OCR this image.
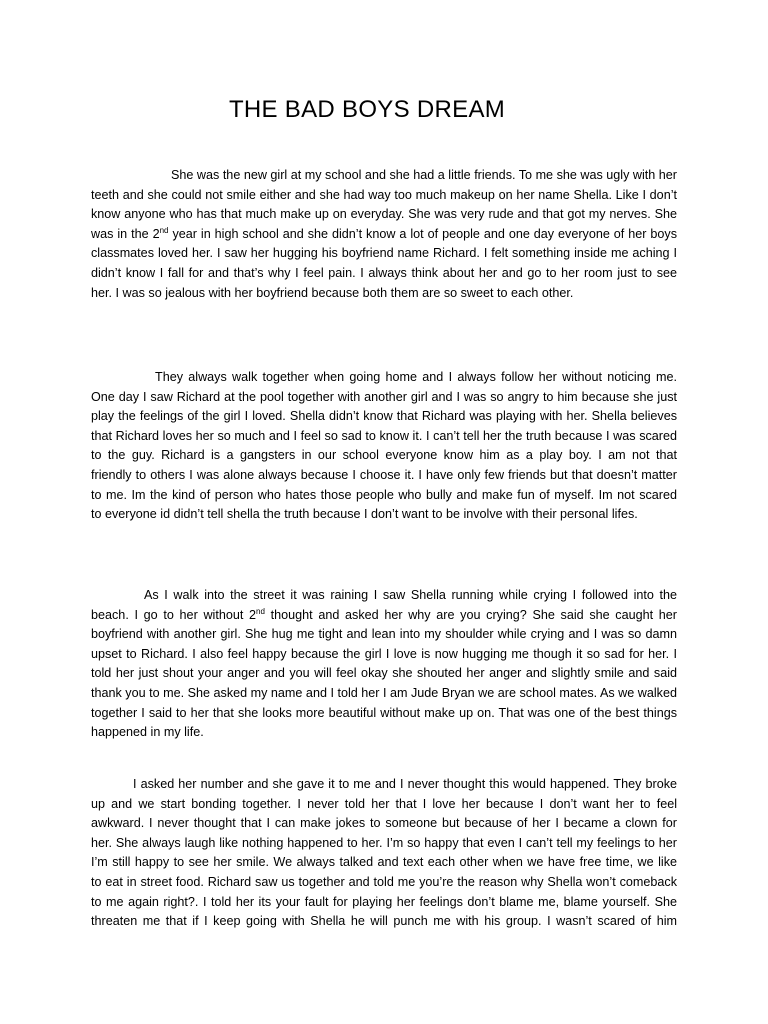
THE BAD BOYS DREAM
She was the new girl at my school and she had a little friends. To me she was ugly with her
teeth and she could not smile either and she had way too much makeup on her name Shella. Like I don’t
know anyone who has that much make up on everyday. She was very rude and that got my nerves. She
was in the 2nd year in high school and she didn’t know a lot of people and one day everyone of her boys
classmates loved her. I saw her hugging his boyfriend name Richard. I felt something inside me aching I
didn’t know I fall for and that’s why I feel pain. I always think about her and go to her room just to see
her. I was so jealous with her boyfriend because both them are so sweet to each other.
They always walk together when going home and I always follow her without noticing me.
One day I saw Richard at the pool together with another girl and I was so angry to him because she just
play the feelings of the girl I loved. Shella didn’t know that Richard was playing with her. Shella believes
that Richard loves her so much and I feel so sad to know it. I can’t tell her the truth because I was scared
to the guy. Richard is a gangsters in our school everyone know him as a play boy. I am not that
friendly to others I was alone always because I choose it. I have only few friends but that doesn’t matter
to me. Im the kind of person who hates those people who bully and make fun of myself. Im not scared
to everyone id didn’t tell shella the truth because I don’t want to be involve with their personal lifes.
As I walk into the street it was raining I saw Shella running while crying I followed into the
beach. I go to her without 2nd thought and asked her why are you crying? She said she caught her
boyfriend with another girl. She hug me tight and lean into my shoulder while crying and I was so damn
upset to Richard. I also feel happy because the girl I love is now hugging me though it so sad for her. I
told her just shout your anger and you will feel okay she shouted her anger and slightly smile and said
thank you to me. She asked my name and I told her I am Jude Bryan we are school mates. As we walked
together I said to her that she looks more beautiful without make up on. That was one of the best things
happened in my life.
I asked her number and she gave it to me and I never thought this would happened. They broke
up and we start bonding together. I never told her that I love her because I don’t want her to feel
awkward. I never thought that I can make jokes to someone but because of her I became a clown for
her. She always laugh like nothing happened to her. I’m so happy that even I can’t tell my feelings to her
I’m still happy to see her smile. We always talked and text each other when we have free time, we like
to eat in street food. Richard saw us together and told me you’re the reason why Shella won’t comeback
to me again right?. I told her its your fault for playing her feelings don’t blame me, blame yourself. She
threaten me that if I keep going with Shella he will punch me with his group. I wasn’t scared of him
